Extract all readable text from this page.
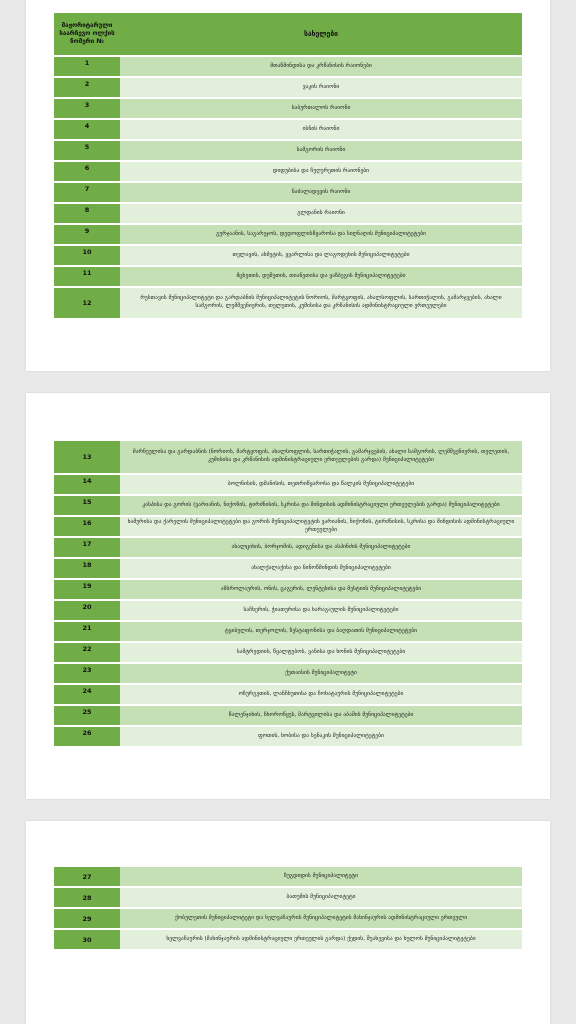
მაჟორიტარული საარჩევო ოლქის ნომერი №	სახელები
1	მთაწმინდისა და კრწანისის რაიონები
2	ვაკის რაიონი
3	საბურთალოს რაიონი
4	ისნის რაიონი
5	სამგორის რაიონი
6	დიდუბისა და ჩუღურეთის რაიონები
7	ნაძალადევის რაიონი
8	გლდანის რაიონი
9	გურჯაანის, საგარეჯოს, დედოფლისწყაროსა და სიღნაღის მუნიციპალიტეტები
10	თელავის, ახმეტის, ყვარლისა და ლაგოდეხის მუნიციპალიტეტები
11	მცხეთის, დუშეთის, თიანეთისა და ყაზბეგის მუნიციპალიტეტები
12	რუსთავის მუნიციპალიტეტი და გარდაბნის მუნიციპალიტეტის ნორიოს, მარტყოფის, ახალსოფლის, სართიჭალის, გამარჯვების, ახალი სამგორის, ლემშვენიერის, თელეთის, კუმისისა და კრწანისის ადმინისტრაციული ერთეულები
13	მარნეულისა და გარდაბნის (ნორიოს, მარტყოფის, ახალსოფლის, სართიჭალის, გამარჯვების, ახალი სამგორის, ლემშვენიერის, თელეთის, კუმისისა და კრწანისის ადმინისტრაციული ერთეულების გარდა) მუნიციპალიტეტები
14	ბოლნისის, დმანისის, თეთრიწყაროსა და წალკის მუნიციპალიტეტები
15	კასპისა და გორის (ვარიანის, ნიქოზის, ტირძნისის, სკრისა და შინდისის ადმინისტრაციული ერთეულების გარდა) მუნიციპალიტეტები
16	ხაშურისა და ქარელის მუნიციპალიტეტები და გორის მუნიციპალიტეტის ვარიანის, ნიქოზის, ტირძნისის, სკრისა და შინდისის ადმინისტრაციული ერთეულები
17	ახალციხის, ბორჯომის, ადიგენისა და ასპინძის მუნიციპალიტეტები
18	ახალქალაქისა და ნინოწმინდის მუნიციპალიტეტები
19	ამბროლაურის, ონის, ცაგერის, ლენტეხისა და მესტიის მუნიციპალიტეტები
20	საჩხერის, ჭიათურისა და ხარაგაულის მუნიციპალიტეტები
21	ტყიბულის, თერჯოლის, ზესტაფონისა და ბაღდათის მუნიციპალიტეტები
22	სამტრედიის, წყალტუბოს, ვანისა და ხონის მუნიციპალიტეტები
23	ქუთაისის მუნიციპალიტეტი
24	ოზურგეთის, ლანჩხუთისა და ჩოხატაურის მუნიციპალიტეტები
25	წალენჯიხის, ჩხოროწყუს, მარტვილისა და აბაშის მუნიციპალიტეტები
26	ფოთის, ხობისა და სენაკის მუნიციპალიტეტები
27	ზუგდიდის მუნიციპალიტეტი
28	ბათუმის მუნიციპალიტეტი
29	ქობულეთის მუნიციპალიტეტი და ხელვაჩაურის მუნიციპალიტეტის მახინჯაურის ადმინისტრაციული ერთეული
30	ხელვაჩაურის (მახინჯაურის ადმინისტრაციული ერთეულის გარდა) ქედის, შუახევისა და ხულოს მუნიციპალიტეტები
